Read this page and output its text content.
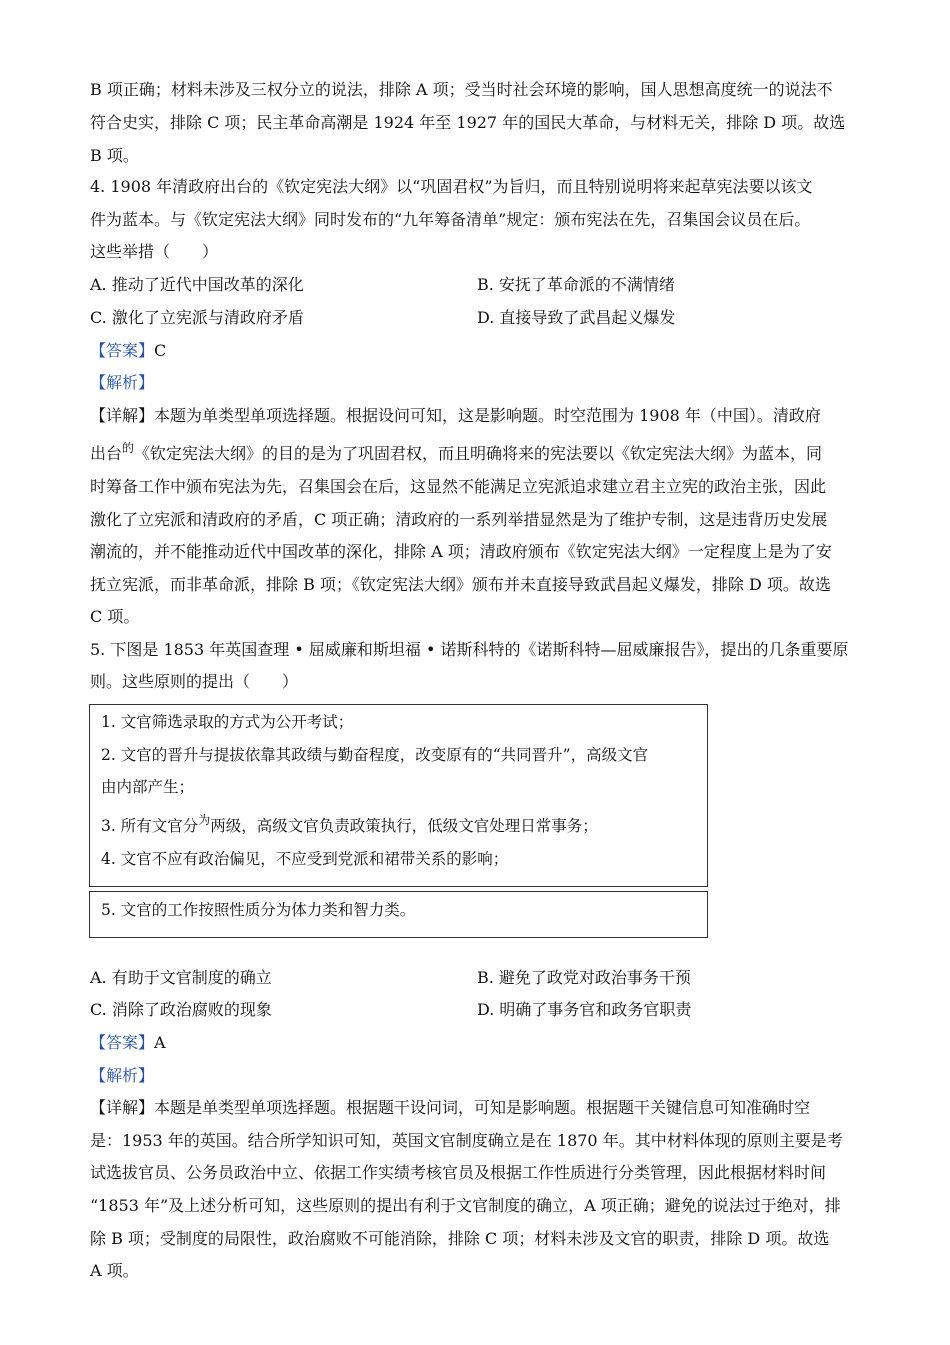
B 项正确；材料未涉及三权分立的说法，排除 A 项；受当时社会环境的影响，国人思想高度统一的说法不
符合史实，排除 C 项；民主革命高潮是 1924 年至 1927 年的国民大革命，与材料无关，排除 D 项。故选
B 项。
4. 1908 年清政府出台的《钦定宪法大纲》以“巩固君权”为旨归，而且特别说明将来起草宪法要以该文
件为蓝本。与《钦定宪法大纲》同时发布的“九年筹备清单”规定：颁布宪法在先，召集国会议员在后。
这些举措（　　）
A. 推动了近代中国改革的深化	B. 安抚了革命派的不满情绪
C. 激化了立宪派与清政府矛盾	D. 直接导致了武昌起义爆发
【答案】C
【解析】
【详解】本题为单类型单项选择题。根据设问可知，这是影响题。时空范围为 1908 年（中国）。清政府
出台$^的$《钦定宪法大纲》的目的是为了巩固君权，而且明确将来的宪法要以《钦定宪法大纲》为蓝本，同
时筹备工作中颁布宪法为先，召集国会在后，这显然不能满足立宪派追求建立君主立宪的政治主张，因此
激化了立宪派和清政府的矛盾，C 项正确；清政府的一系列举措显然是为了维护专制，这是违背历史发展
潮流的，并不能推动近代中国改革的深化，排除 A 项；清政府颁布《钦定宪法大纲》一定程度上是为了安
抚立宪派，而非革命派，排除 B 项；《钦定宪法大纲》颁布并未直接导致武昌起义爆发，排除 D 项。故选
C 项。
5. 下图是 1853 年英国查理 • 屈威廉和斯坦福 • 诺斯科特的《诺斯科特—屈威廉报告》，提出的几条重要原
则。这些原则的提出（　　）
1. 文官筛选录取的方式为公开考试；
2. 文官的晋升与提拔依靠其政绩与勤奋程度，改变原有的“共同晋升”，高级文官
由内部产生；
3. 所有文官分$^为$两级，高级文官负责政策执行，低级文官处理日常事务；
4. 文官不应有政治偏见，不应受到党派和裙带关系的影响；
5. 文官的工作按照性质分为体力类和智力类。
A. 有助于文官制度的确立	B. 避免了政党对政治事务干预
C. 消除了政治腐败的现象	D. 明确了事务官和政务官职责
【答案】A
【解析】
【详解】本题是单类型单项选择题。根据题干设问词，可知是影响题。根据题干关键信息可知准确时空
是：1953 年的英国。结合所学知识可知，英国文官制度确立是在 1870 年。其中材料体现的原则主要是考
试选拔官员、公务员政治中立、依据工作实绩考核官员及根据工作性质进行分类管理，因此根据材料时间
“1853 年”及上述分析可知，这些原则的提出有利于文官制度的确立，A 项正确；避免的说法过于绝对，排
除 B 项；受制度的局限性，政治腐败不可能消除，排除 C 项；材料未涉及文官的职责，排除 D 项。故选
A 项。
